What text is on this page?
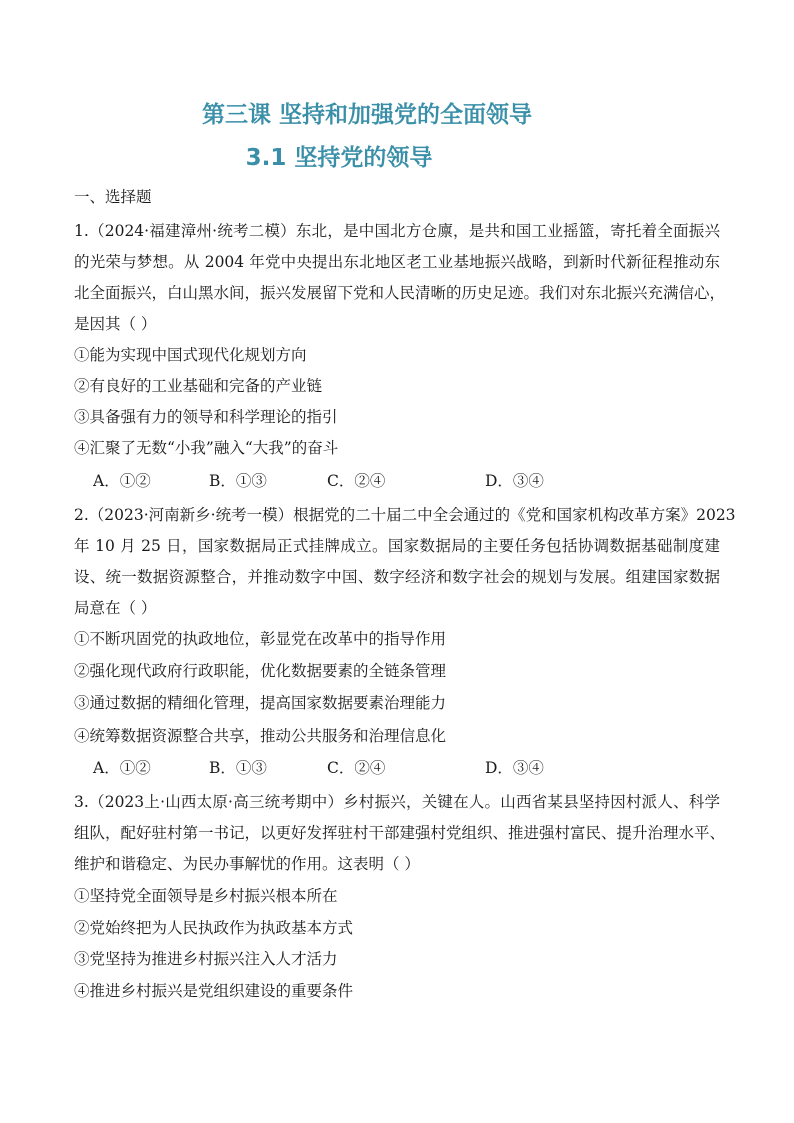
第三课 坚持和加强党的全面领导
3.1 坚持党的领导
一、选择题
1.（2024·福建漳州·统考二模）东北，是中国北方仓廪，是共和国工业摇篮，寄托着全面振兴
的光荣与梦想。从 2004 年党中央提出东北地区老工业基地振兴战略，到新时代新征程推动东
北全面振兴，白山黑水间，振兴发展留下党和人民清晰的历史足迹。我们对东北振兴充满信心，
是因其（ ）
①能为实现中国式现代化规划方向
②有良好的工业基础和完备的产业链
③具备强有力的领导和科学理论的指引
④汇聚了无数“小我”融入“大我”的奋斗
A．①②	B．①③	C．②④	D．③④
2.（2023·河南新乡·统考一模）根据党的二十届二中全会通过的《党和国家机构改革方案》2023
年 10 月 25 日，国家数据局正式挂牌成立。国家数据局的主要任务包括协调数据基础制度建
设、统一数据资源整合，并推动数字中国、数字经济和数字社会的规划与发展。组建国家数据
局意在（ ）
①不断巩固党的执政地位，彰显党在改革中的指导作用
②强化现代政府行政职能，优化数据要素的全链条管理
③通过数据的精细化管理，提高国家数据要素治理能力
④统筹数据资源整合共享，推动公共服务和治理信息化
A．①②	B．①③	C．②④	D．③④
3.（2023上·山西太原·高三统考期中）乡村振兴，关键在人。山西省某县坚持因村派人、科学
组队，配好驻村第一书记，以更好发挥驻村干部建强村党组织、推进强村富民、提升治理水平、
维护和谐稳定、为民办事解忧的作用。这表明（ ）
①坚持党全面领导是乡村振兴根本所在
②党始终把为人民执政作为执政基本方式
③党坚持为推进乡村振兴注入人才活力
④推进乡村振兴是党组织建设的重要条件
